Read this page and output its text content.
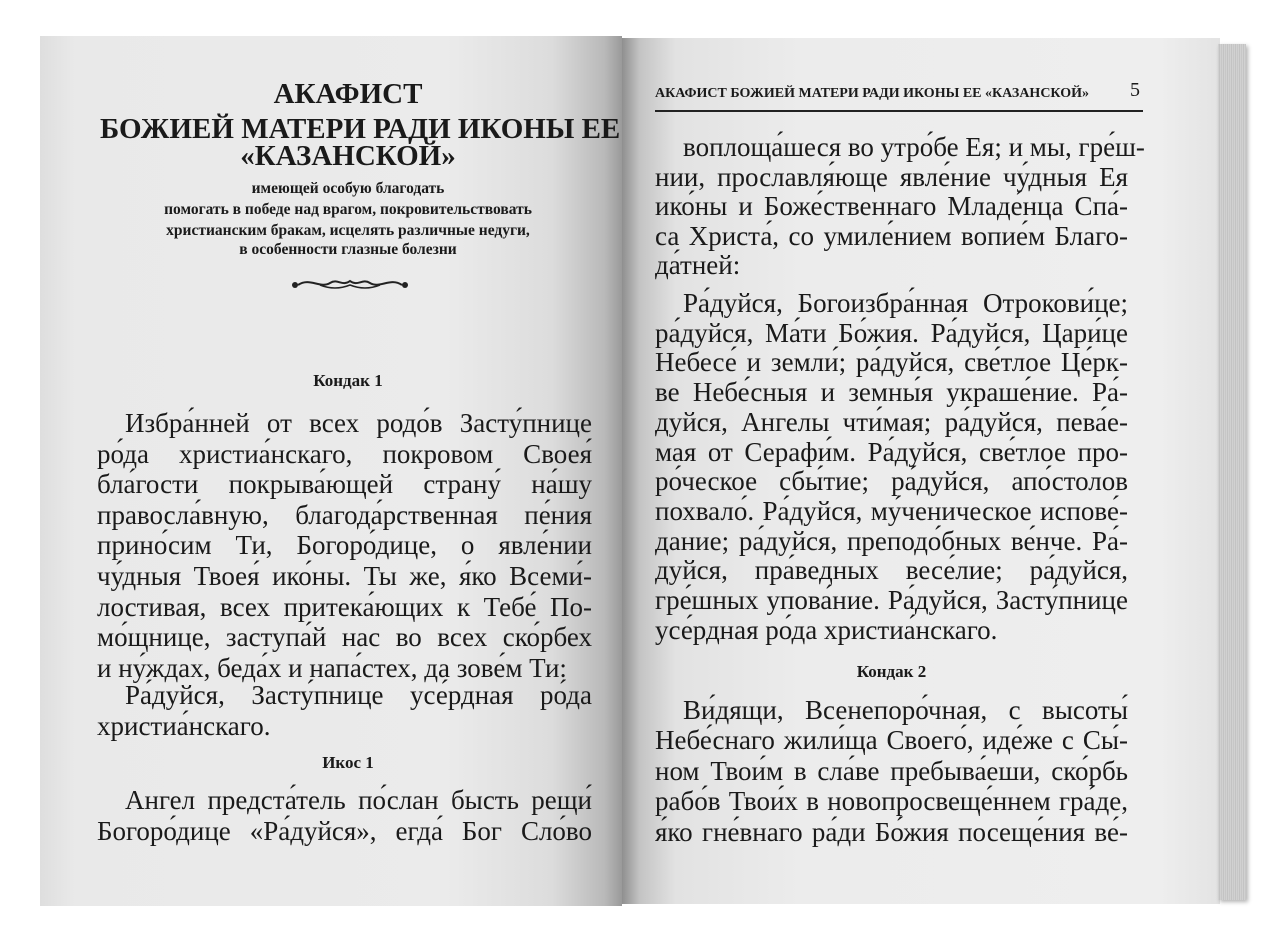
АКАФИСТ
БОЖИЕЙ МАТЕРИ РАДИ ИКОНЫ ЕЕ
«КАЗАНСКОЙ»
имеющей особую благодать
помогать в победе над врагом, покровительствовать
христианским бракам, исцелять различные недуги,
в особенности глазные болезни
Кондак 1
Икос 1
АКАФИСТ БОЖИЕЙ МАТЕРИ РАДИ ИКОНЫ ЕЕ «КАЗАНСКОЙ»	5
Кондак 2
Избра́нней от всех родо́в Засту́пнице
ро́да христиа́нскаго, покровом Своея́
бла́гости покрыва́ющей страну́ на́шу
правосла́вную, благода́рственная пе́ния
прино́сим Ти, Богоро́дице, о явле́нии
чу́дныя Твоея́ ико́ны. Ты же, я́ко Всеми́-
лостивая, всех притека́ющих к Тебе́ По-
мо́щнице, заступа́й нас во всех ско́рбех
и ну́ждах, беда́х и напа́стех, да зове́м Ти:
Ра́дуйся, Засту́пнице усе́рдная ро́да
христиа́нскаго.
Ангел предста́тель по́слан бысть рещи́
Богоро́дице «Ра́дуйся», егда́ Бог Сло́во
воплоща́шеся во утро́бе Ея; и мы, гре́ш-
нии, прославля́юще явле́ние чу́дныя Ея
ико́ны и Боже́ственнаго Младе́нца Спа́-
са Христа́, со умиле́нием вопие́м Благо-
да́тней:
Ра́дуйся, Богоизбра́нная Отрокови́це;
ра́дуйся, Ма́ти Бо́жия. Ра́дуйся, Цари́це
Небесе́ и земли́; ра́дуйся, све́тлое Це́рк-
ве Небе́сныя и земны́я украше́ние. Ра́-
дуйся, Ангелы чти́мая; ра́дуйся, пева́е-
мая от Серафи́м. Ра́дуйся, све́тлое про-
ро́ческое сбы́тие; ра́дуйся, апо́столов
похвало́. Ра́дуйся, му́ченическое испове́-
дание; ра́дуйся, преподо́бных ве́нче. Ра́-
дуйся, пра́ведных весе́лие; ра́дуйся,
гре́шных упова́ние. Ра́дуйся, Засту́пнице
усе́рдная ро́да христиа́нскаго.
Ви́дящи, Всенепоро́чная, с высоты́
Небе́снаго жили́ща Своего́, иде́же с Сы́-
ном Твои́м в сла́ве пребыва́еши, ско́рбь
рабо́в Твои́х в новопросвеще́ннем гра́де,
я́ко гне́внаго ра́ди Бо́жия посеще́ния ве́-
